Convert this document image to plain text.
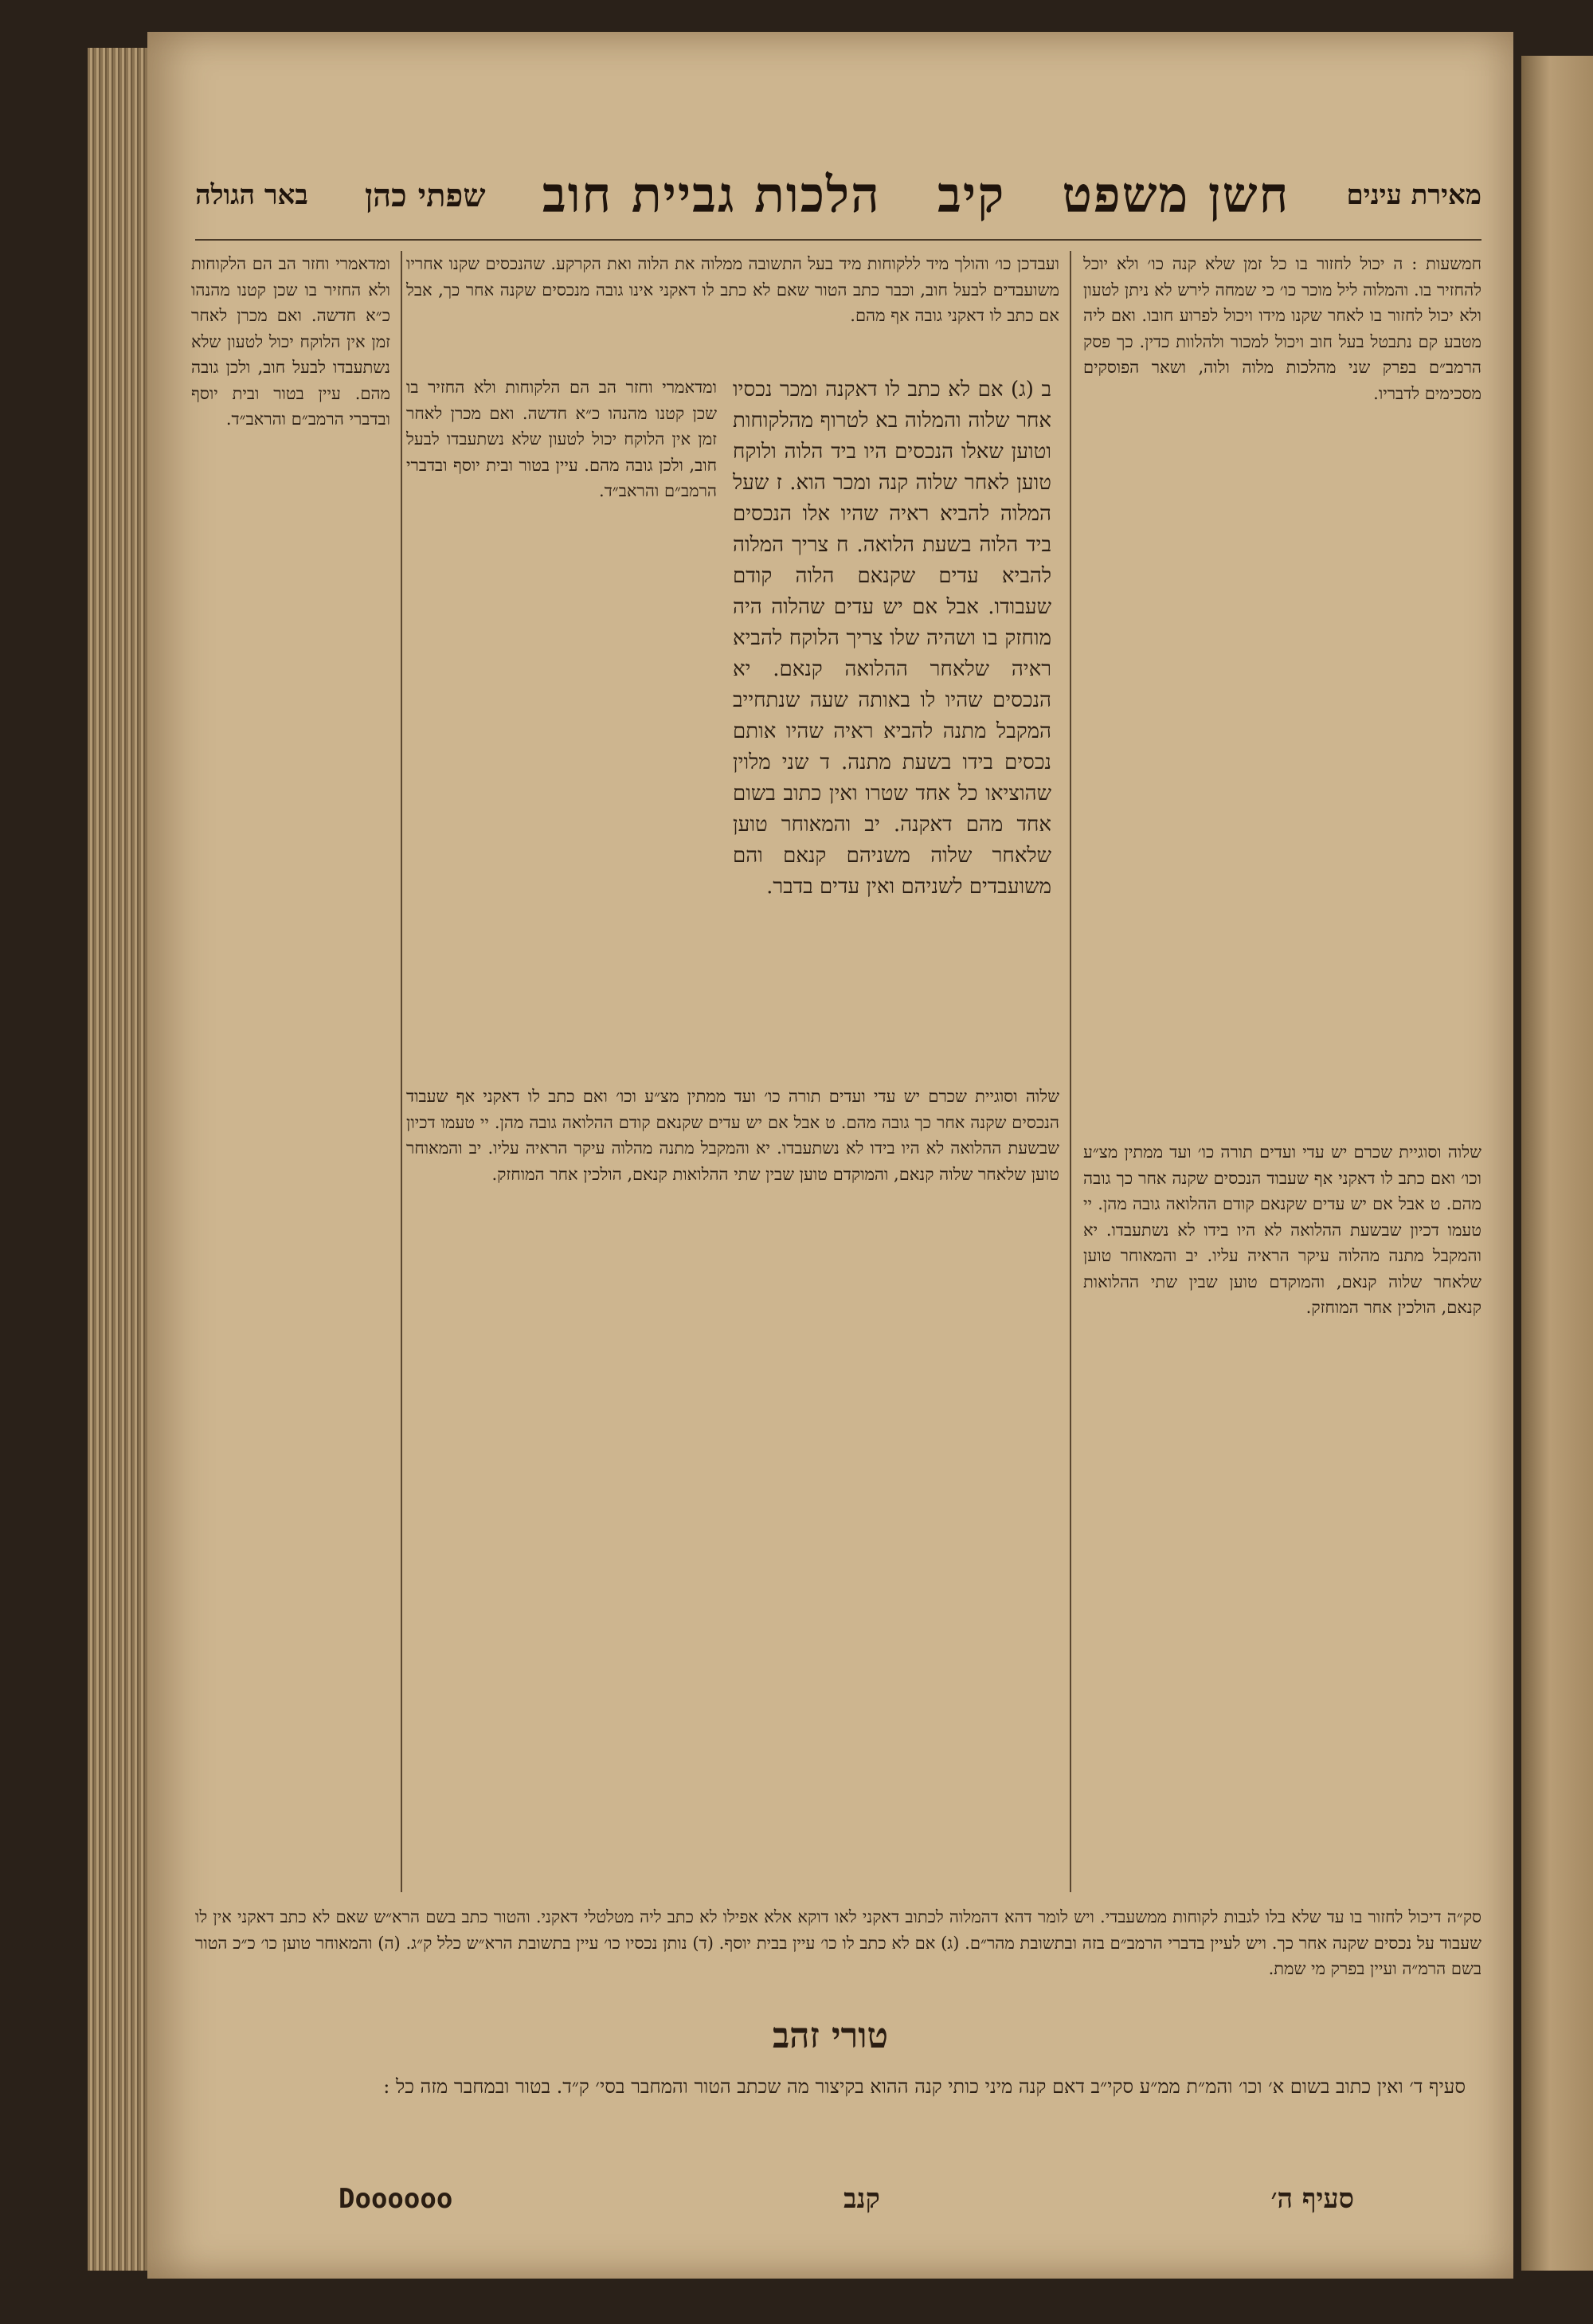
מאירת עינים
חשן משפט
קיב
הלכות גביית חוב
שפתי כהן
באר הגולה
חמשעות : ה יכול לחזור בו כל זמן שלא קנה כו׳ ולא יוכל להחזיר בו. והמלוה ליל מוכר כו׳ כי שמחה לירש לא ניתן לטעון ולא יכול לחזור בו לאחר שקנו מידו ויכול לפרוע חובו. ואם ליה מטבע קם נתבטל בעל חוב ויכול למכור ולהלוות כדין. כך פסק הרמב״ם בפרק שני מהלכות מלוה ולוה, ושאר הפוסקים מסכימים לדבריו.
ועבדכן כו׳ והולך מיד ללקוחות מיד בעל התשובה ממלוה את הלוה ואת הקרקע. שהנכסים שקנו אחריו משועבדים לבעל חוב, וכבר כתב הטור שאם לא כתב לו דאקני אינו גובה מנכסים שקנה אחר כך, אבל אם כתב לו דאקני גובה אף מהם.
ב (ג) אם לא כתב לו דאקנה ומכר נכסיו אחר שלוה והמלוה בא לטרוף מהלקוחות וטוען שאלו הנכסים היו ביד הלוה ולוקח טוען לאחר שלוה קנה ומכר הוא. ז שעל המלוה להביא ראיה שהיו אלו הנכסים ביד הלוה בשעת הלואה. ח צריך המלוה להביא עדים שקנאם הלוה קודם שעבודו. אבל אם יש עדים שהלוה היה מוחזק בו ושהיה שלו צריך הלוקח להביא ראיה שלאחר ההלואה קנאם. יא הנכסים שהיו לו באותה שעה שנתחייב המקבל מתנה להביא ראיה שהיו אותם נכסים בידו בשעת מתנה. ד שני מלוין שהוציאו כל אחד שטרו ואין כתוב בשום אחד מהם דאקנה. יב והמאוחר טוען שלאחר שלוה משניהם קנאם והם משועבדים לשניהם ואין עדים בדבר.
ומדאמרי וחזר הב הם הלקוחות ולא החזיר בו שכן קטנו מהנהו כ״א חדשה. ואם מכרן לאחר זמן אין הלוקח יכול לטעון שלא נשתעבדו לבעל חוב, ולכן גובה מהם. עיין בטור ובית יוסף ובדברי הרמב״ם והראב״ד.
ומדאמרי וחזר הב הם הלקוחות ולא החזיר בו שכן קטנו מהנהו כ״א חדשה. ואם מכרן לאחר זמן אין הלוקח יכול לטעון שלא נשתעבדו לבעל חוב, ולכן גובה מהם. עיין בטור ובית יוסף ובדברי הרמב״ם והראב״ד.
שלוה וסוגיית שכרם יש עדי ועדים תורה כו׳ ועד ממתין מצ״ע וכו׳ ואם כתב לו דאקני אף שעבוד הנכסים שקנה אחר כך גובה מהם. ט אבל אם יש עדים שקנאם קודם ההלואה גובה מהן. יי טעמו דכיון שבשעת ההלואה לא היו בידו לא נשתעבדו. יא והמקבל מתנה מהלוה עיקר הראיה עליו. יב והמאוחר טוען שלאחר שלוה קנאם, והמוקדם טוען שבין שתי ההלואות קנאם, הולכין אחר המוחזק.
שלוה וסוגיית שכרם יש עדי ועדים תורה כו׳ ועד ממתין מצ״ע וכו׳ ואם כתב לו דאקני אף שעבוד הנכסים שקנה אחר כך גובה מהם. ט אבל אם יש עדים שקנאם קודם ההלואה גובה מהן. יי טעמו דכיון שבשעת ההלואה לא היו בידו לא נשתעבדו. יא והמקבל מתנה מהלוה עיקר הראיה עליו. יב והמאוחר טוען שלאחר שלוה קנאם, והמוקדם טוען שבין שתי ההלואות קנאם, הולכין אחר המוחזק.
סק״ה דיכול לחזור בו עד שלא בלו לגבות לקוחות ממשעבדי. ויש לומר דהא דהמלוה לכתוב דאקני לאו דוקא אלא אפילו לא כתב ליה מטלטלי דאקני. והטור כתב בשם הרא״ש שאם לא כתב דאקני אין לו שעבוד על נכסים שקנה אחר כך. ויש לעיין בדברי הרמב״ם בזה ובתשובת מהר״ם. (ג) אם לא כתב לו כו׳ עיין בבית יוסף. (ד) נותן נכסיו כו׳ עיין בתשובת הרא״ש כלל ק״ג. (ה) והמאוחר טוען כו׳ כ״כ הטור בשם הרמ״ה ועיין בפרק מי שמת.
טורי זהב
סעיף ד׳ ואין כתוב בשום א׳ וכו׳ והמ״ת ממ״ע סקי״ב דאם קנה מיני כותי קנה ההוא בקיצור מה שכתב הטור והמחבר בסי׳ ק״ד. בטור ובמחבר מזה כל :
סעיף ה׳
קנב
Doooooo
